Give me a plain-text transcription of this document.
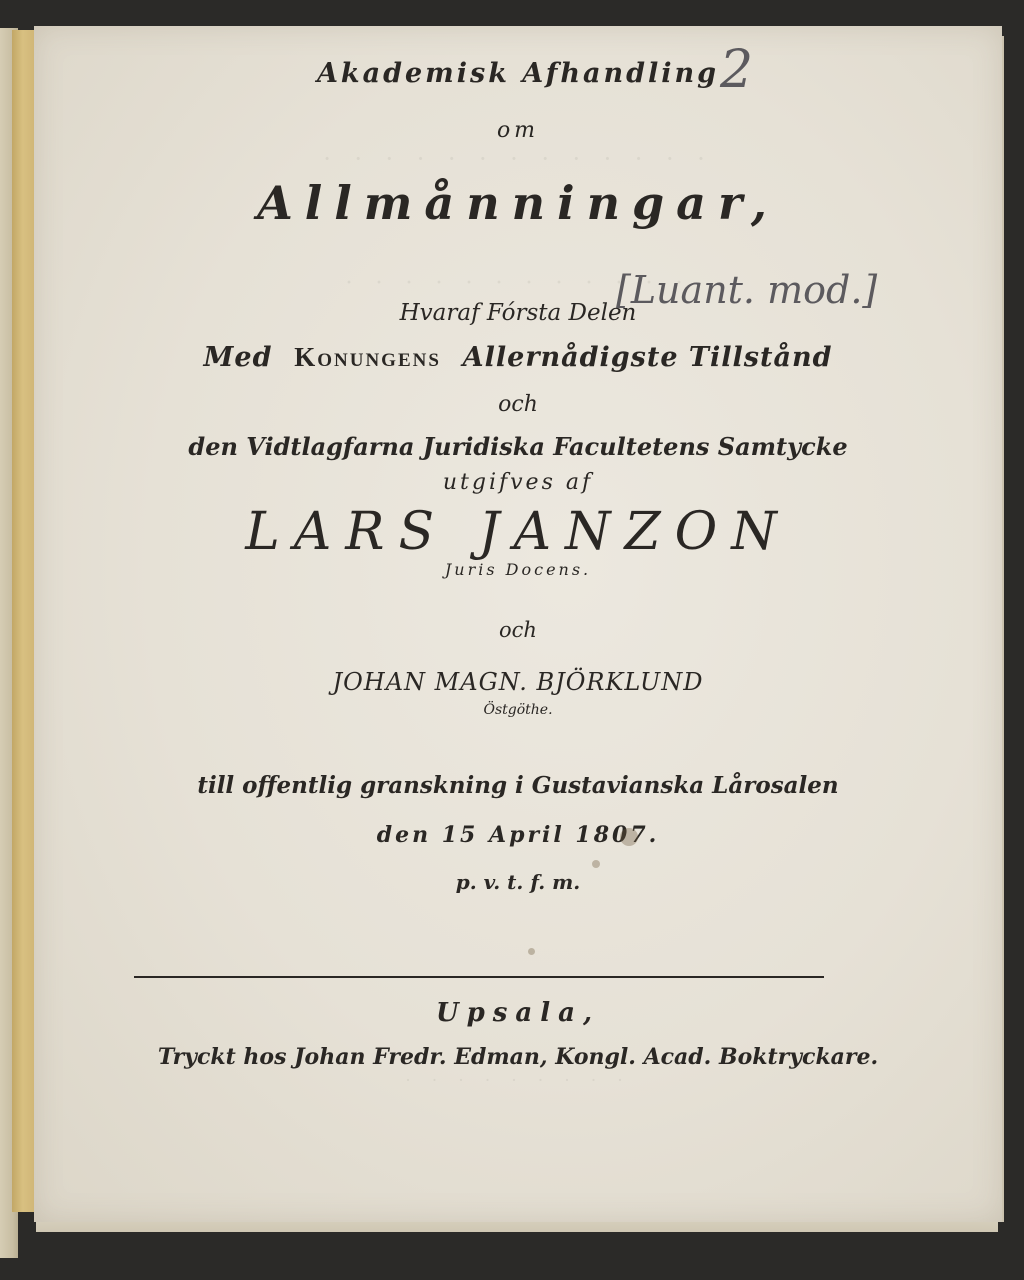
· · · · · · · · · · · · ·
· · · · · · · · · · · ·
· · · · · · · · ·
Akademisk Afhandling
om
Allmånningar,
Hvaraf Fórsta Delen
Med Konungens Allernådigste Tillstånd
och
den Vidtlagfarna Juridiska Facultetens Samtycke
utgifves af
LARS JANZON
Juris Docens.
och
JOHAN MAGN. BJÖRKLUND
Östgöthe.
till offentlig granskning i Gustavianska Lårosalen
den 15 April 1807.
p. v. t. f. m.
Upsala,
Tryckt hos Johan Fredr. Edman, Kongl. Acad. Boktryckare.
2
[Luant. mod.]
